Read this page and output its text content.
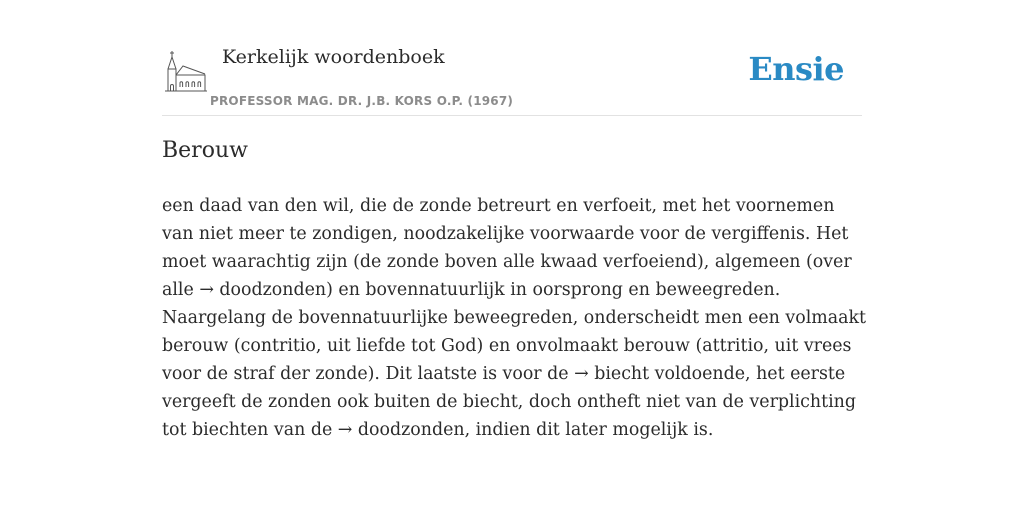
Kerkelijk woordenboek
PROFESSOR MAG. DR. J.B. KORS O.P. (1967)
Ensie
Berouw

een daad van den wil, die de zonde betreurt en verfoeit, met het voornemen van niet meer te zondigen, noodzakelijke voorwaarde voor de vergiffenis. Het moet waarachtig zijn (de zonde boven alle kwaad verfoeiend), algemeen (over alle → doodzonden) en bovennatuurlijk in oorsprong en beweegreden. Naargelang de bovennatuurlijke beweegreden, onderscheidt men een volmaakt berouw (contritio, uit liefde tot God) en onvolmaakt berouw (attritio, uit vrees voor de straf der zonde). Dit laatste is voor de → biecht voldoende, het eerste vergeeft de zonden ook buiten de biecht, doch ontheft niet van de verplichting tot biechten van de → doodzonden, indien dit later mogelijk is.
